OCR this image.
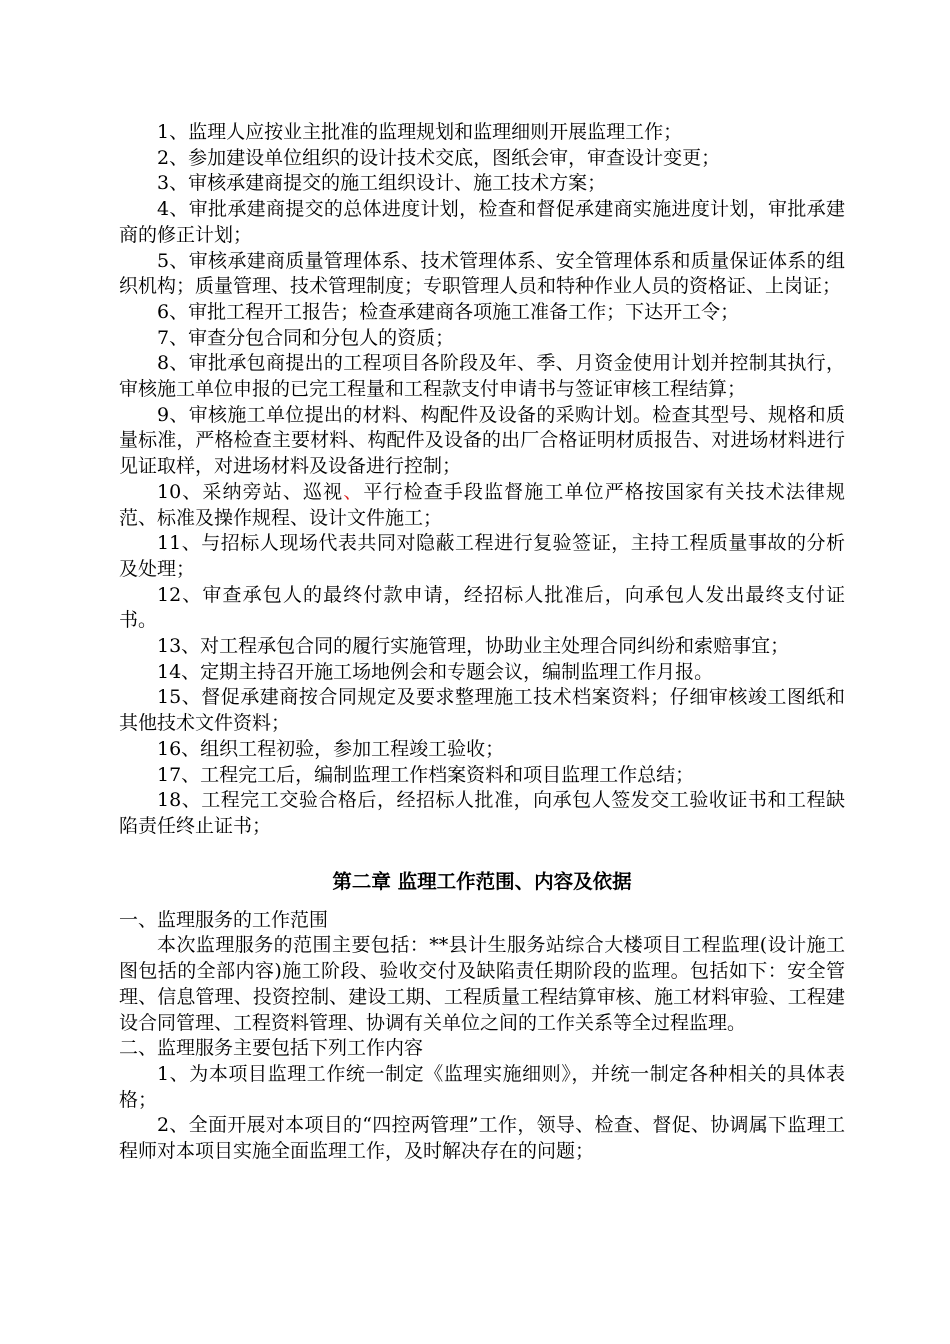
1、监理人应按业主批准的监理规划和监理细则开展监理工作；

2、参加建设单位组织的设计技术交底，图纸会审，审查设计变更；

3、审核承建商提交的施工组织设计、施工技术方案；

4、审批承建商提交的总体进度计划，检查和督促承建商实施进度计划，审批承建商的修正计划；

5、审核承建商质量管理体系、技术管理体系、安全管理体系和质量保证体系的组织机构；质量管理、技术管理制度；专职管理人员和特种作业人员的资格证、上岗证；

6、审批工程开工报告；检查承建商各项施工准备工作；下达开工令；

7、审查分包合同和分包人的资质；

8、审批承包商提出的工程项目各阶段及年、季、月资金使用计划并控制其执行，审核施工单位申报的已完工程量和工程款支付申请书与签证审核工程结算；

9、审核施工单位提出的材料、构配件及设备的采购计划。检查其型号、规格和质量标准，严格检查主要材料、构配件及设备的出厂合格证明材质报告、对进场材料进行见证取样，对进场材料及设备进行控制；

10、采纳旁站、巡视、平行检查手段监督施工单位严格按国家有关技术法律规范、标准及操作规程、设计文件施工；

11、与招标人现场代表共同对隐蔽工程进行复验签证，主持工程质量事故的分析及处理；

12、审查承包人的最终付款申请，经招标人批准后，向承包人发出最终支付证书。

13、对工程承包合同的履行实施管理，协助业主处理合同纠纷和索赔事宜；

14、定期主持召开施工场地例会和专题会议，编制监理工作月报。

15、督促承建商按合同规定及要求整理施工技术档案资料；仔细审核竣工图纸和其他技术文件资料；

16、组织工程初验，参加工程竣工验收；

17、工程完工后，编制监理工作档案资料和项目监理工作总结；

18、工程完工交验合格后，经招标人批准，向承包人签发交工验收证书和工程缺陷责任终止证书；

第二章 监理工作范围、内容及依据

一、监理服务的工作范围

本次监理服务的范围主要包括：**县计生服务站综合大楼项目工程监理(设计施工图包括的全部内容)施工阶段、验收交付及缺陷责任期阶段的监理。包括如下：安全管理、信息管理、投资控制、建设工期、工程质量工程结算审核、施工材料审验、工程建设合同管理、工程资料管理、协调有关单位之间的工作关系等全过程监理。

二、监理服务主要包括下列工作内容

1、为本项目监理工作统一制定《监理实施细则》，并统一制定各种相关的具体表格；

2、全面开展对本项目的“四控两管理”工作，领导、检查、督促、协调属下监理工程师对本项目实施全面监理工作，及时解决存在的问题；
